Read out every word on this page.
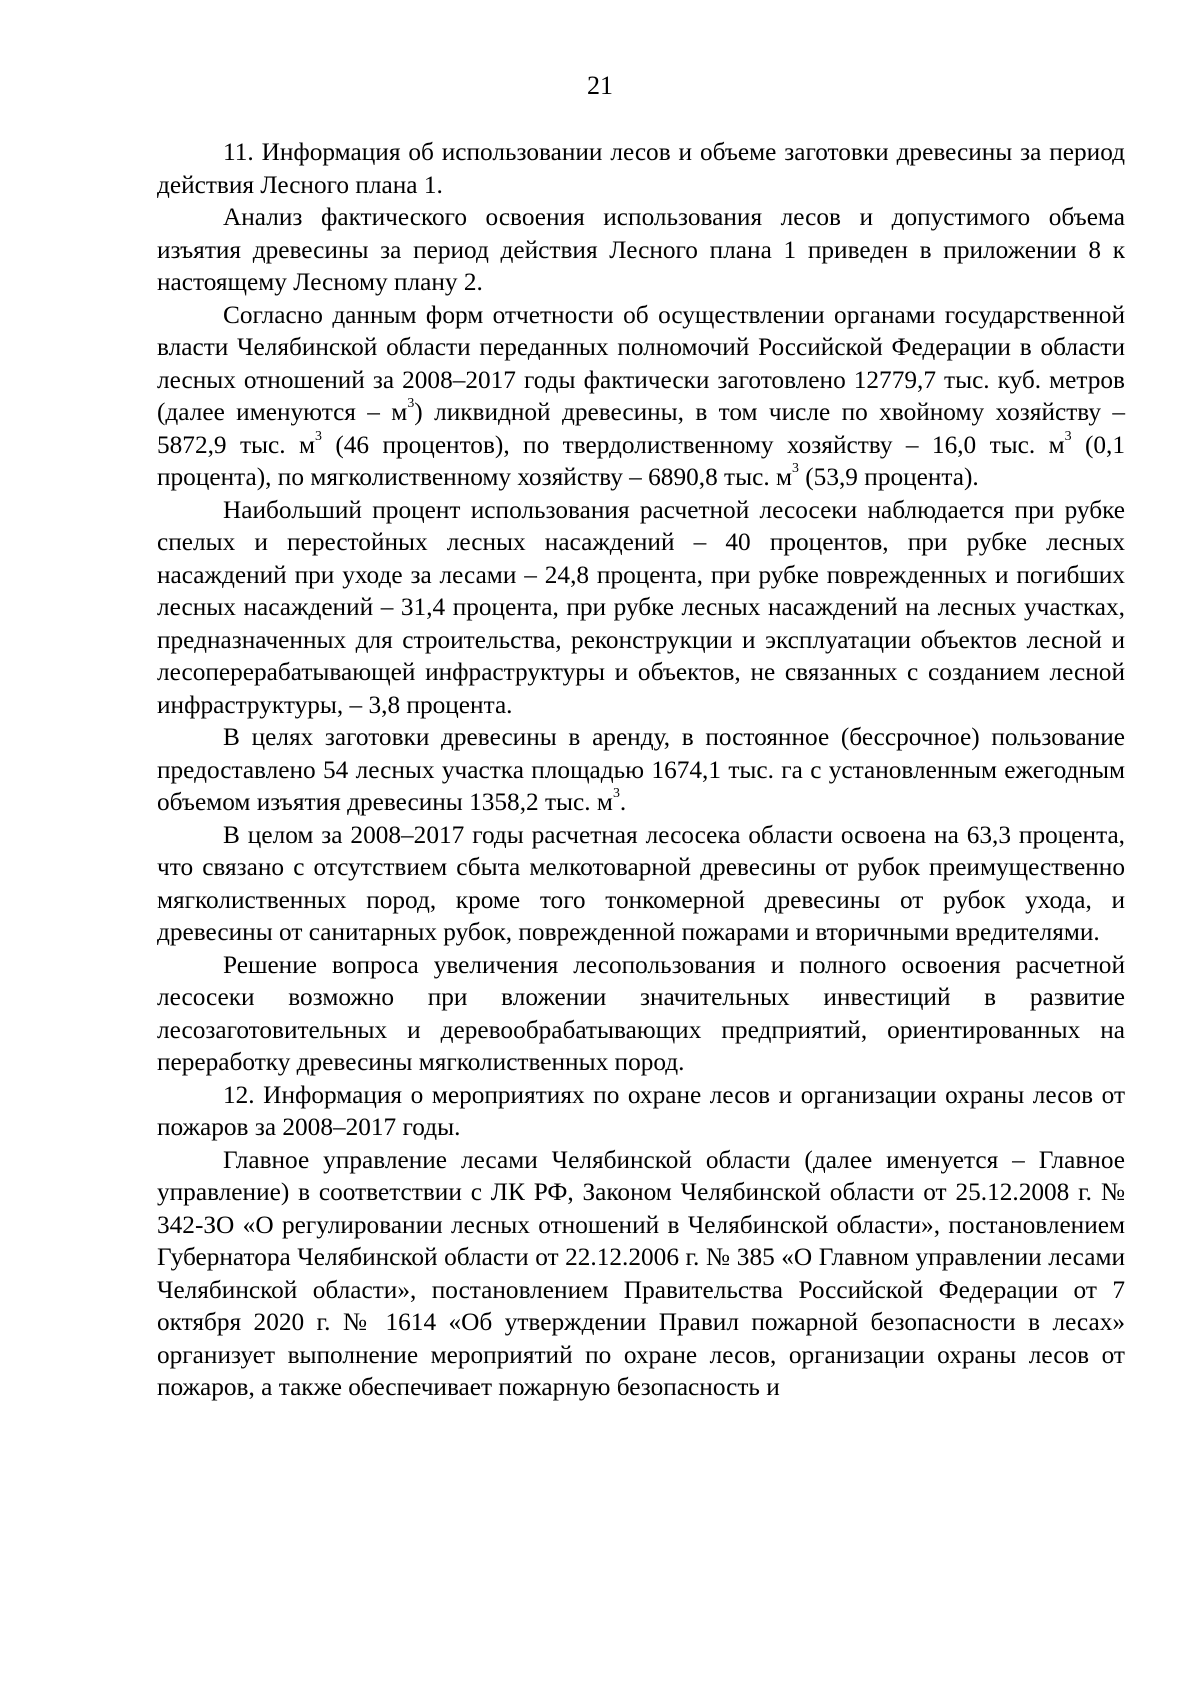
21

11. Информация об использовании лесов и объеме заготовки древесины за период действия Лесного плана 1.

Анализ фактического освоения использования лесов и допустимого объема изъятия древесины за период действия Лесного плана 1 приведен в приложении 8 к настоящему Лесному плану 2.

Согласно данным форм отчетности об осуществлении органами государственной власти Челябинской области переданных полномочий Российской Федерации в области лесных отношений за 2008–2017 годы фактически заготовлено 12779,7 тыс. куб. метров (далее именуются – $м^3$) ликвидной древесины, в том числе по хвойному хозяйству – 5872,9 тыс. $м^3$ (46 процентов), по твердолиственному хозяйству – 16,0 тыс. $м^3$ (0,1 процента), по мягколиственному хозяйству – 6890,8 тыс. $м^3$ (53,9 процента).

Наибольший процент использования расчетной лесосеки наблюдается при рубке спелых и перестойных лесных насаждений – 40 процентов, при рубке лесных насаждений при уходе за лесами – 24,8 процента, при рубке поврежденных и погибших лесных насаждений – 31,4 процента, при рубке лесных насаждений на лесных участках, предназначенных для строительства, реконструкции и эксплуатации объектов лесной и лесоперерабатывающей инфраструктуры и объектов, не связанных с созданием лесной инфраструктуры, – 3,8 процента.

В целях заготовки древесины в аренду, в постоянное (бессрочное) пользование предоставлено 54 лесных участка площадью 1674,1 тыс. га с установленным ежегодным объемом изъятия древесины 1358,2 тыс. $м^3$.

В целом за 2008–2017 годы расчетная лесосека области освоена на 63,3 процента, что связано с отсутствием сбыта мелкотоварной древесины от рубок преимущественно мягколиственных пород, кроме того тонкомерной древесины от рубок ухода, и древесины от санитарных рубок, поврежденной пожарами и вторичными вредителями.

Решение вопроса увеличения лесопользования и полного освоения расчетной лесосеки возможно при вложении значительных инвестиций в развитие лесозаготовительных и деревообрабатывающих предприятий, ориентированных на переработку древесины мягколиственных пород.

12. Информация о мероприятиях по охране лесов и организации охраны лесов от пожаров за 2008–2017 годы.

Главное управление лесами Челябинской области (далее именуется – Главное управление) в соответствии с ЛК РФ, Законом Челябинской области от 25.12.2008 г. № 342-ЗО «О регулировании лесных отношений в Челябинской области», постановлением Губернатора Челябинской области от 22.12.2006 г. № 385 «О Главном управлении лесами Челябинской области», постановлением Правительства Российской Федерации от 7 октября 2020 г. № 1614 «Об утверждении Правил пожарной безопасности в лесах» организует выполнение мероприятий по охране лесов, организации охраны лесов от пожаров, а также обеспечивает пожарную безопасность и
